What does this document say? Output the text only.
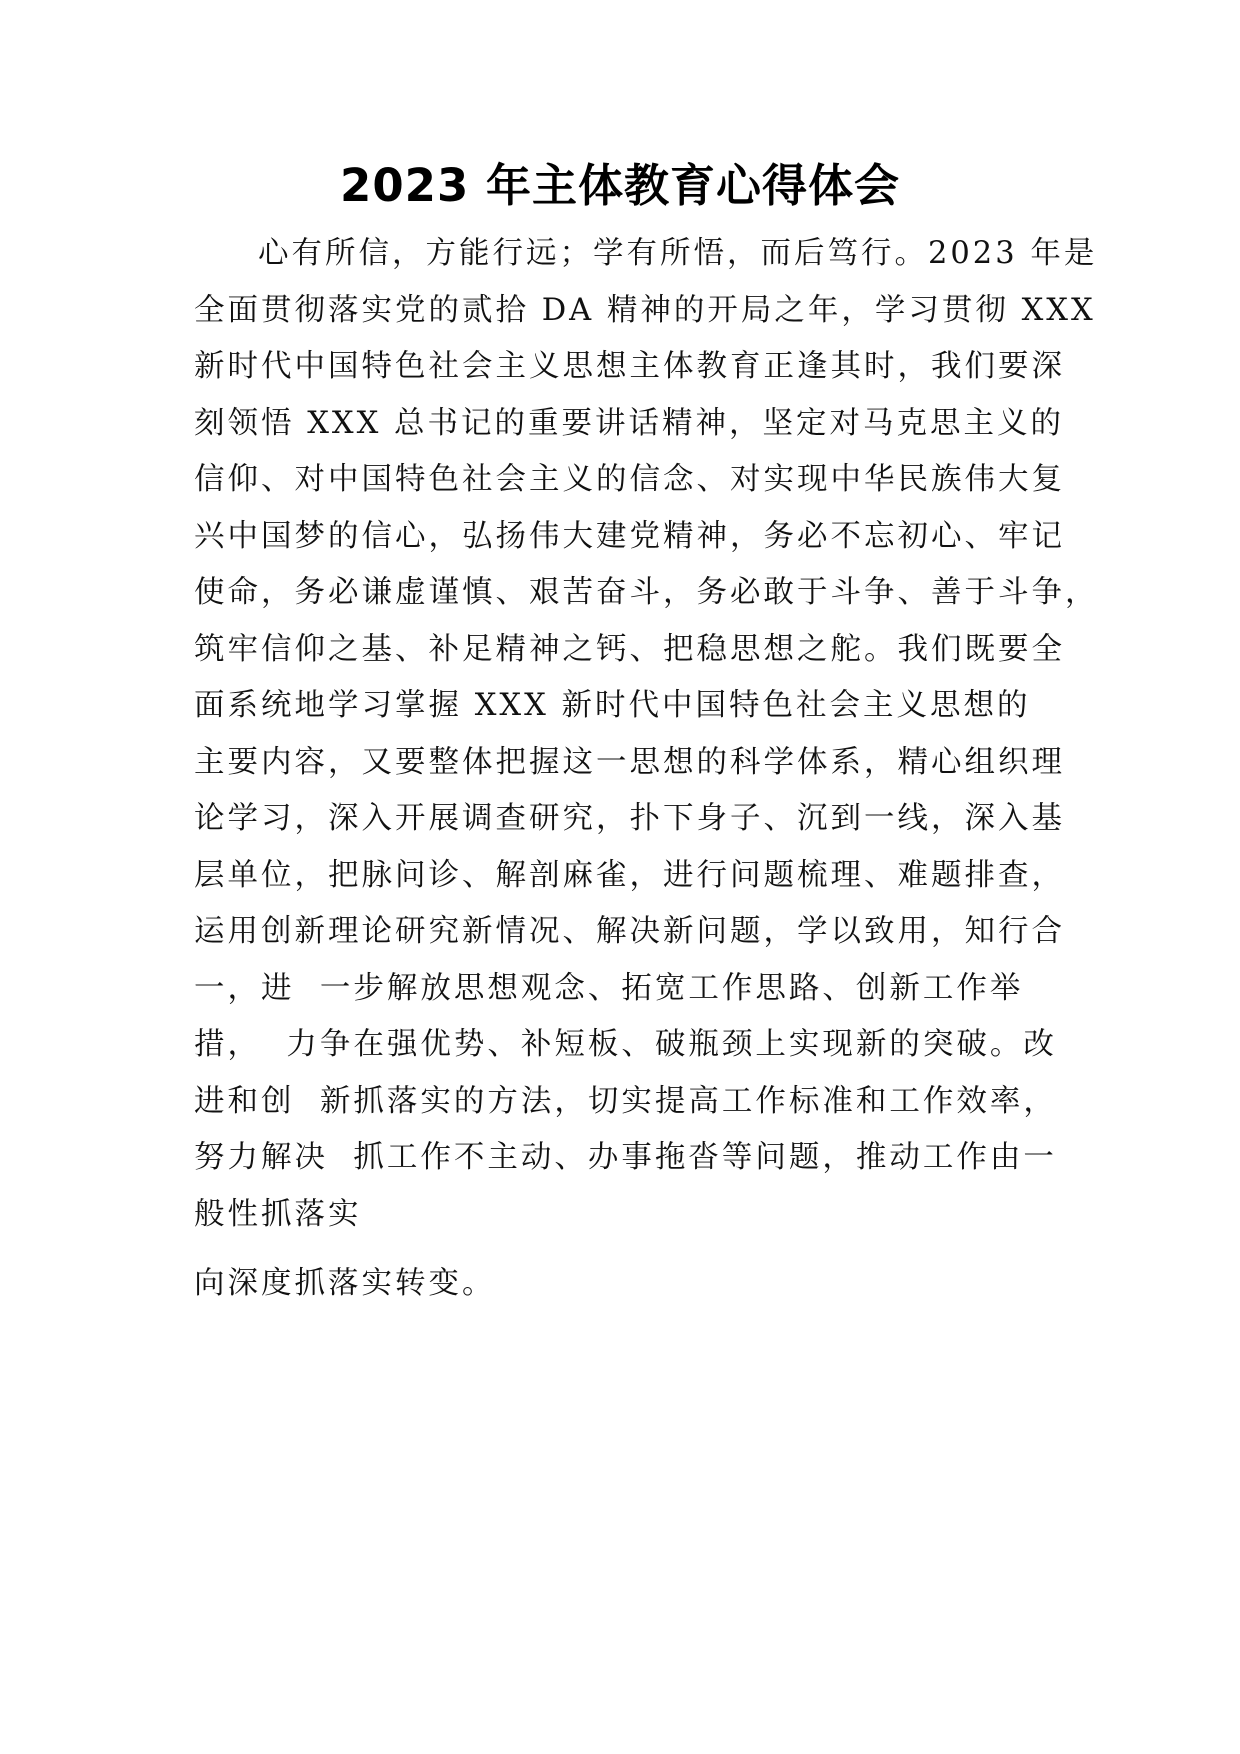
2023 年主体教育心得体会
心有所信，方能行远；学有所悟，而后笃行。2023 年是
全面贯彻落实党的贰拾 DA 精神的开局之年，学习贯彻 XXX
新时代中国特色社会主义思想主体教育正逢其时，我们要深
刻领悟 XXX 总书记的重要讲话精神，坚定对马克思主义的
信仰、对中国特色社会主义的信念、对实现中华民族伟大复
兴中国梦的信心，弘扬伟大建党精神，务必不忘初心、牢记
使命，务必谦虚谨慎、艰苦奋斗，务必敢于斗争、善于斗争，
筑牢信仰之基、补足精神之钙、把稳思想之舵。我们既要全
面系统地学习掌握 XXX 新时代中国特色社会主义思想的
主要内容，又要整体把握这一思想的科学体系，精心组织理
论学习，深入开展调查研究，扑下身子、沉到一线，深入基
层单位，把脉问诊、解剖麻雀，进行问题梳理、难题排查，
运用创新理论研究新情况、解决新问题，学以致用，知行合
一，进  一步解放思想观念、拓宽工作思路、创新工作举
措，  力争在强优势、补短板、破瓶颈上实现新的突破。改
进和创  新抓落实的方法，切实提高工作标准和工作效率，
努力解决  抓工作不主动、办事拖沓等问题，推动工作由一
般性抓落实
向深度抓落实转变。
